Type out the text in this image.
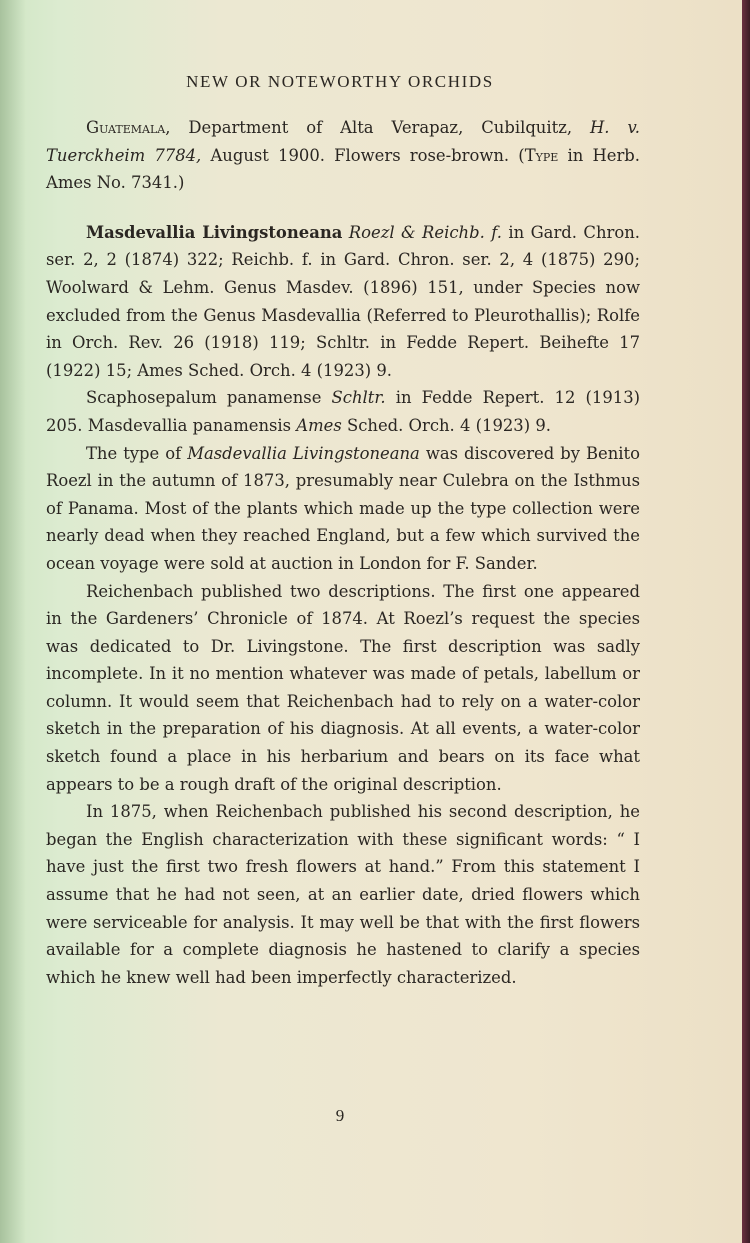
NEW OR NOTEWORTHY ORCHIDS

Guatemala, Department of Alta Verapaz, Cubilquitz, H. v. Tuerckheim 7784, August 1900. Flowers rose-brown. (Type in Herb. Ames No. 7341.)

Masdevallia Livingstoneana Roezl & Reichb. f. in Gard. Chron. ser. 2, 2 (1874) 322; Reichb. f. in Gard. Chron. ser. 2, 4 (1875) 290; Woolward & Lehm. Genus Masdev. (1896) 151, under Species now excluded from the Genus Masdevallia (Referred to Pleurothallis); Rolfe in Orch. Rev. 26 (1918) 119; Schltr. in Fedde Repert. Beihefte 17 (1922) 15; Ames Sched. Orch. 4 (1923) 9.

Scaphosepalum panamense Schltr. in Fedde Repert. 12 (1913) 205. Masdevallia panamensis Ames Sched. Orch. 4 (1923) 9.

The type of Masdevallia Livingstoneana was discovered by Benito Roezl in the autumn of 1873, presumably near Culebra on the Isthmus of Panama. Most of the plants which made up the type collection were nearly dead when they reached England, but a few which survived the ocean voyage were sold at auction in London for F. Sander.

Reichenbach published two descriptions. The first one appeared in the Gardeners’ Chronicle of 1874. At Roezl’s request the species was dedicated to Dr. Livingstone. The first description was sadly incomplete. In it no mention whatever was made of petals, labellum or column. It would seem that Reichenbach had to rely on a water-color sketch in the preparation of his diagnosis. At all events, a water-color sketch found a place in his herbarium and bears on its face what appears to be a rough draft of the original description.

In 1875, when Reichenbach published his second description, he began the English characterization with these significant words: “ I have just the first two fresh flowers at hand.” From this statement I assume that he had not seen, at an earlier date, dried flowers which were serviceable for analysis. It may well be that with the first flowers available for a complete diagnosis he hastened to clarify a species which he knew well had been imperfectly characterized.

9
